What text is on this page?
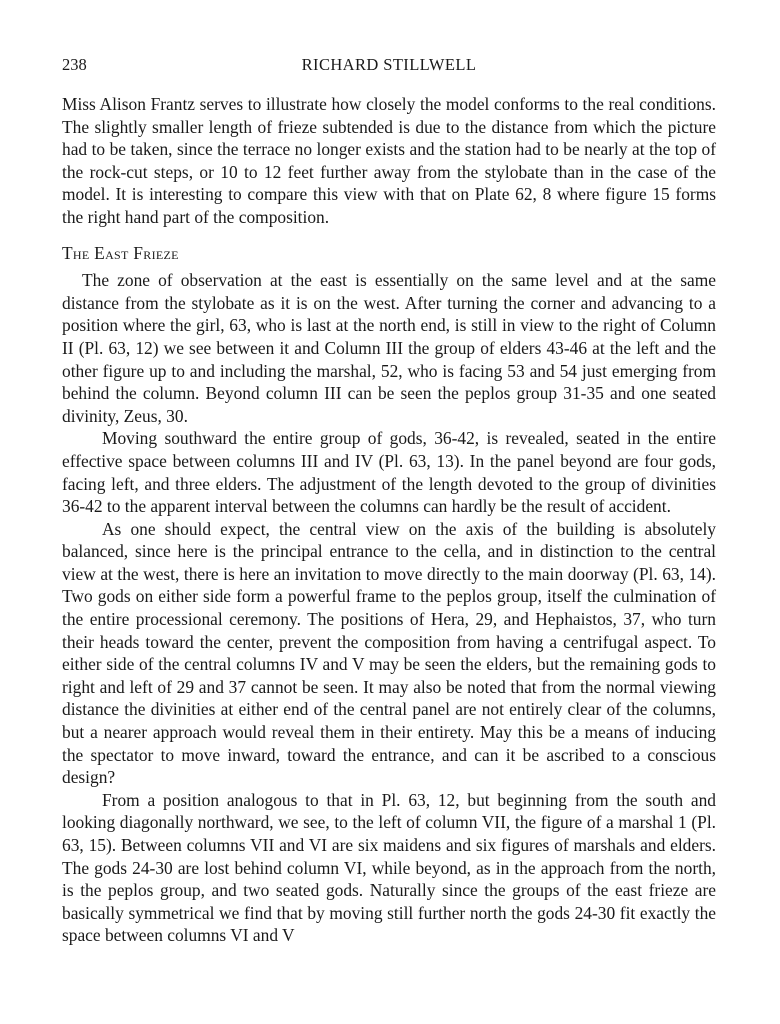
238	RICHARD STILLWELL

Miss Alison Frantz serves to illustrate how closely the model conforms to the real conditions. The slightly smaller length of frieze subtended is due to the distance from which the picture had to be taken, since the terrace no longer exists and the station had to be nearly at the top of the rock-cut steps, or 10 to 12 feet further away from the stylobate than in the case of the model. It is interesting to compare this view with that on Plate 62, 8 where figure 15 forms the right hand part of the composition.

The East Frieze

The zone of observation at the east is essentially on the same level and at the same distance from the stylobate as it is on the west. After turning the corner and advancing to a position where the girl, 63, who is last at the north end, is still in view to the right of Column II (Pl. 63, 12) we see between it and Column III the group of elders 43-46 at the left and the other figure up to and including the marshal, 52, who is facing 53 and 54 just emerging from behind the column. Beyond column III can be seen the peplos group 31-35 and one seated divinity, Zeus, 30.

Moving southward the entire group of gods, 36-42, is revealed, seated in the entire effective space between columns III and IV (Pl. 63, 13). In the panel beyond are four gods, facing left, and three elders. The adjustment of the length devoted to the group of divinities 36-42 to the apparent interval between the columns can hardly be the result of accident.

As one should expect, the central view on the axis of the building is absolutely balanced, since here is the principal entrance to the cella, and in distinction to the central view at the west, there is here an invitation to move directly to the main doorway (Pl. 63, 14). Two gods on either side form a powerful frame to the peplos group, itself the culmination of the entire processional ceremony. The positions of Hera, 29, and Hephaistos, 37, who turn their heads toward the center, prevent the composition from having a centrifugal aspect. To either side of the central columns IV and V may be seen the elders, but the remaining gods to right and left of 29 and 37 cannot be seen. It may also be noted that from the normal viewing distance the divinities at either end of the central panel are not entirely clear of the columns, but a nearer approach would reveal them in their entirety. May this be a means of inducing the spectator to move inward, toward the entrance, and can it be ascribed to a conscious design?

From a position analogous to that in Pl. 63, 12, but beginning from the south and looking diagonally northward, we see, to the left of column VII, the figure of a marshal 1 (Pl. 63, 15). Between columns VII and VI are six maidens and six figures of marshals and elders. The gods 24-30 are lost behind column VI, while beyond, as in the approach from the north, is the peplos group, and two seated gods. Naturally since the groups of the east frieze are basically symmetrical we find that by moving still further north the gods 24-30 fit exactly the space between columns VI and V
